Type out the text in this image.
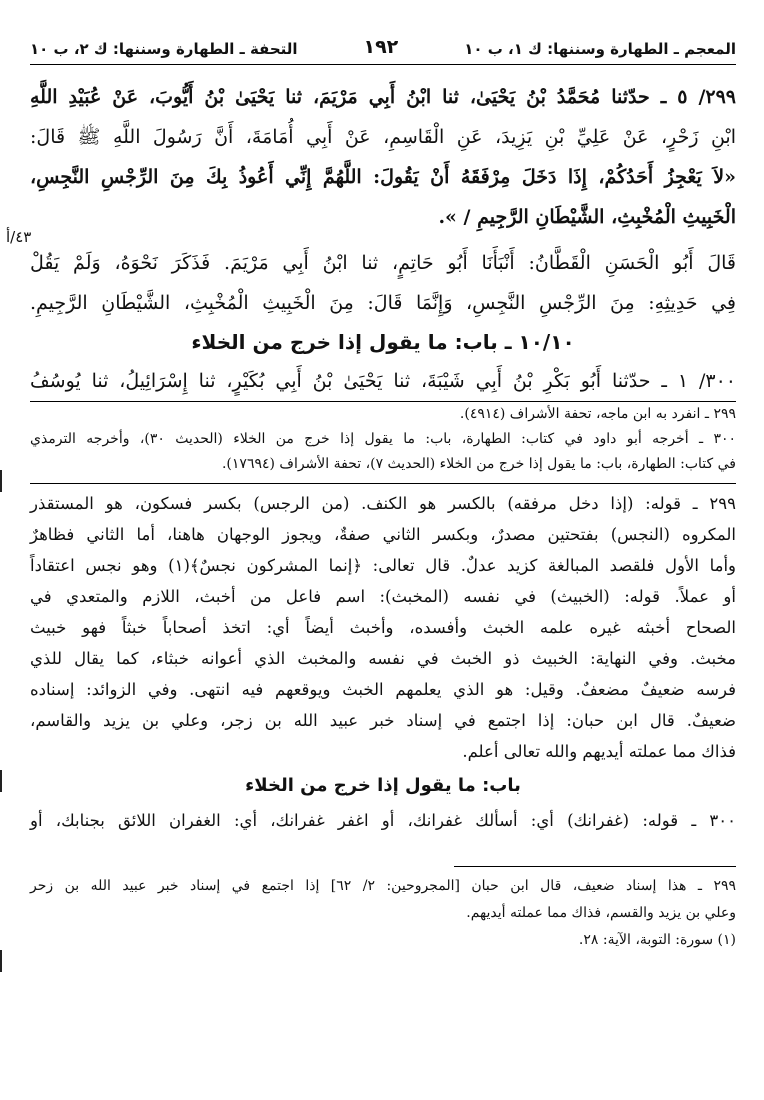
٤٣/أ
المعجم ـ الطهارة وسننها: ك ١، ب ١٠
١٩٢
التحفة ـ الطهارة وسننها: ك ٢، ب ١٠
٢٩٩/ ٥ ـ حدّثنا مُحَمَّدُ بْنُ يَحْيَىٰ، ثنا ابْنُ أَبِي مَرْيَمَ، ثنا يَحْيَىٰ بْنُ أَيُّوبَ، عَنْ عُبَيْدِ اللَّهِ
ابْنِ زَحْرٍ، عَنْ عَلِيِّ بْنِ يَزِيدَ، عَنِ الْقَاسِمِ، عَنْ أَبِي أُمَامَةَ، أَنَّ رَسُولَ اللَّهِ ﷺ قَالَ:
«لاَ يَعْجِزُ أَحَدُكُمْ، إِذَا دَخَلَ مِرْفَقَهُ أَنْ يَقُولَ: اللَّهُمَّ إِنِّي أَعُوذُ بِكَ مِنَ الرِّجْسِ النَّجِسِ،
الْخَبِيثِ الْمُخْبِثِ، الشَّيْطَانِ الرَّجِيمِ / ».
قَالَ أَبُو الْحَسَنِ الْقَطَّانُ: أَنْبَأَنَا أَبُو حَاتِمٍ، ثنا ابْنُ أَبِي مَرْيَمَ. فَذَكَرَ نَحْوَهُ، وَلَمْ يَقُلْ
فِي حَدِيثِهِ: مِنَ الرِّجْسِ النَّجِسِ، وَإِنَّمَا قَالَ: مِنَ الْخَبِيثِ الْمُخْبِثِ، الشَّيْطَانِ الرَّجِيمِ.
١٠/١٠ ـ باب: ما يقول إذا خرج من الخلاء
٣٠٠/ ١ ـ حدّثنا أَبُو بَكْرِ بْنُ أَبِي شَيْبَةَ، ثنا يَحْيَىٰ بْنُ أَبِي بُكَيْرٍ، ثنا إِسْرَائِيلُ، ثنا يُوسُفُ
٢٩٩ ـ انفرد به ابن ماجه، تحفة الأشراف (٤٩١٤).
٣٠٠ ـ أخرجه أبو داود في كتاب: الطهارة، باب: ما يقول إذا خرج من الخلاء (الحديث ٣٠)، وأخرجه الترمذي
في كتاب: الطهارة، باب: ما يقول إذا خرج من الخلاء (الحديث ٧)، تحفة الأشراف (١٧٦٩٤).
٢٩٩ ـ قوله: (إذا دخل مرفقه) بالكسر هو الكنف. (من الرجس) بكسر فسكون، هو المستقذر
المكروه (النجس) بفتحتين مصدرٌ، وبكسر الثاني صفةٌ، ويجوز الوجهان هاهنا، أما الثاني فظاهرٌ
وأما الأول فلقصد المبالغة كزيد عدلٌ. قال تعالى: ﴿إنما المشركون نجسٌ﴾(١) وهو نجس اعتقاداً
أو عملاً. قوله: (الخبيث) في نفسه (المخبث): اسم فاعل من أخبث، اللازم والمتعدي في
الصحاح أخبثه غيره علمه الخبث وأفسده، وأخبث أيضاً أي: اتخذ أصحاباً خبثاً فهو خبيث
مخبث. وفي النهاية: الخبيث ذو الخبث في نفسه والمخبث الذي أعوانه خبثاء، كما يقال للذي
فرسه ضعيفٌ مضعفٌ. وقيل: هو الذي يعلمهم الخبث ويوقعهم فيه انتهى. وفي الزوائد: إسناده
ضعيفٌ. قال ابن حبان: إذا اجتمع في إسناد خبر عبيد الله بن زجر، وعلي بن يزيد والقاسم،
فذاك مما عملته أيديهم والله تعالى أعلم.
باب: ما يقول إذا خرج من الخلاء
٣٠٠ ـ قوله: (غفرانك) أي: أسألك غفرانك، أو اغفر غفرانك، أي: الغفران اللائق بجنابك، أو
٢٩٩ ـ هذا إسناد ضعيف، قال ابن حبان [المجروحين: ٢/ ٦٢] إذا اجتمع في إسناد خبر عبيد الله بن زحر
وعلي بن يزيد والقسم، فذاك مما عملته أيديهم.
(١) سورة: التوبة، الآية: ٢٨.
